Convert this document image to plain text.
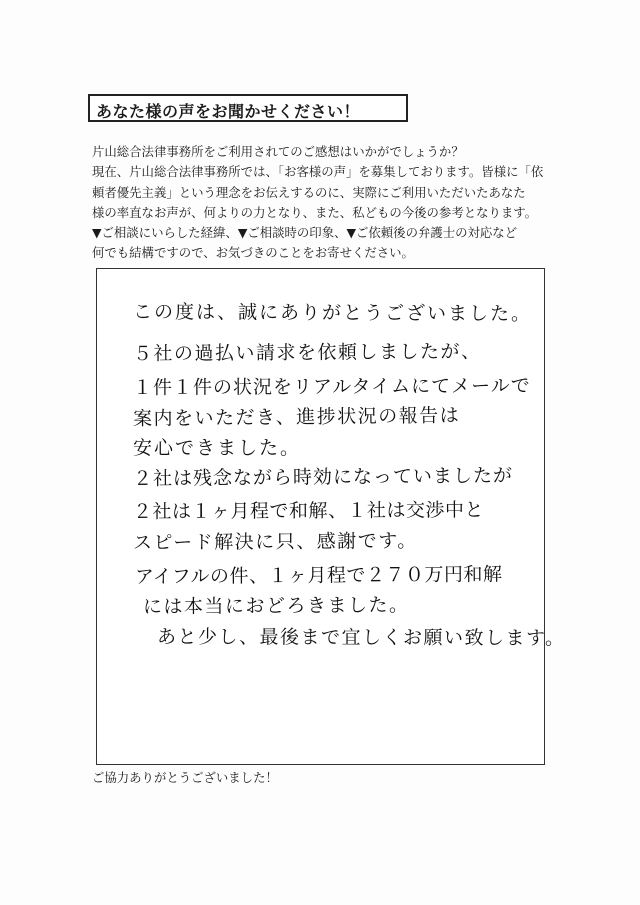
あなた様の声をお聞かせください！
片山総合法律事務所をご利用されてのご感想はいかがでしょうか？
現在、片山総合法律事務所では、「お客様の声」を募集しております。皆様に「依
頼者優先主義」という理念をお伝えするのに、実際にご利用いただいたあなた
様の率直なお声が、何よりの力となり、また、私どもの今後の参考となります。
▼ご相談にいらした経緯、▼ご相談時の印象、▼ご依頼後の弁護士の対応など
何でも結構ですので、お気づきのことをお寄せください。
この度は、誠にありがとうございました。
５社の過払い請求を依頼しましたが、
１件１件の状況をリアルタイムにてメールで
案内をいただき、進捗状況の報告は
安心できました。
２社は残念ながら時効になっていましたが
２社は１ヶ月程で和解、１社は交渉中と
スピード解決に只、感謝です。
アイフルの件、１ヶ月程で２７０万円和解
には本当におどろきました。
あと少し、最後まで宜しくお願い致します。
ご協力ありがとうございました！
